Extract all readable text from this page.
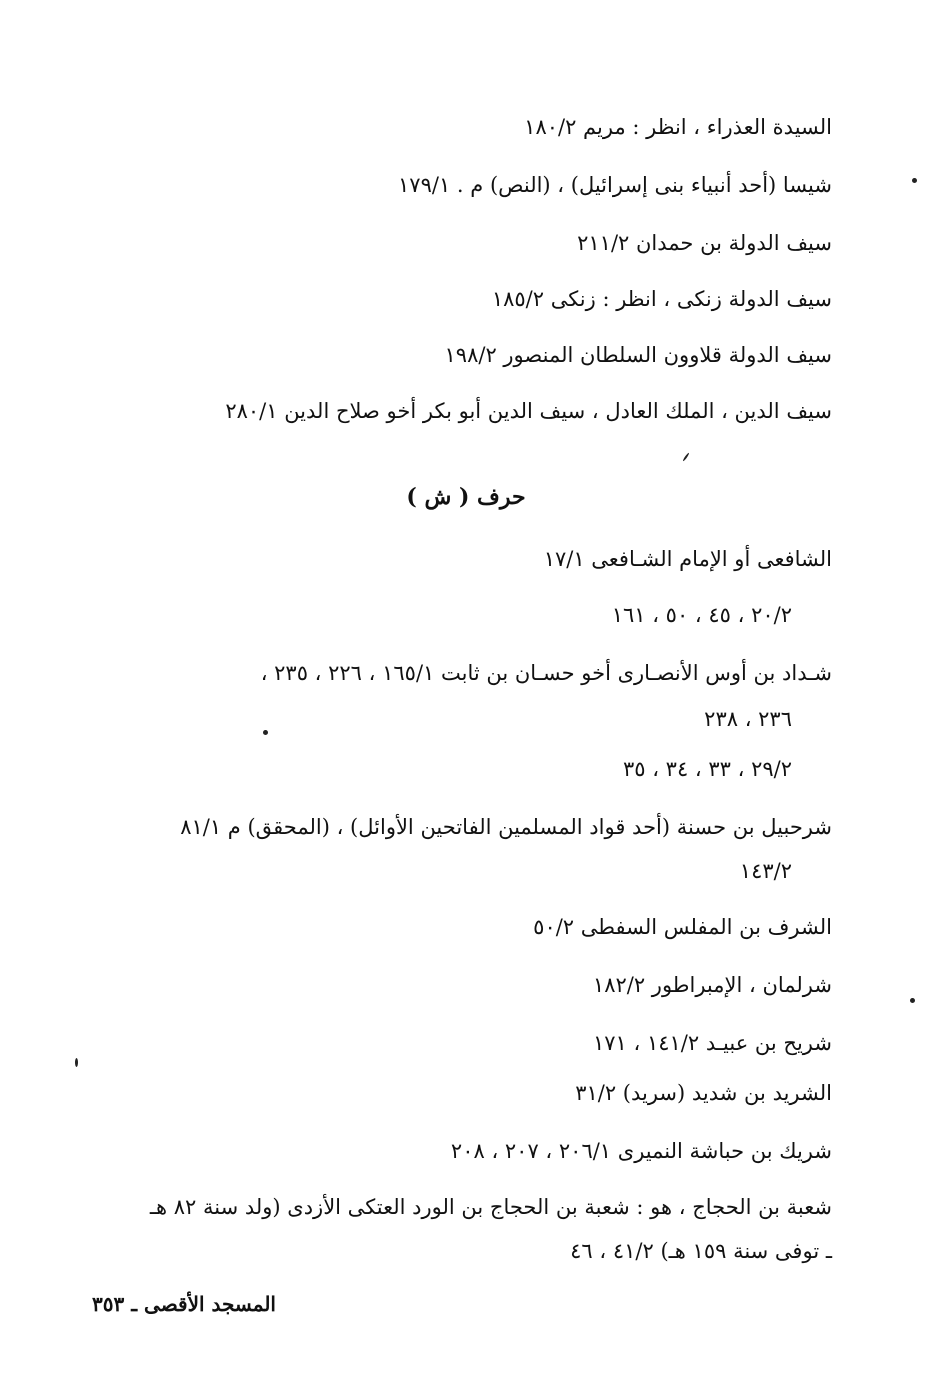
السيدة العذراء ، انظر : مريم ١٨٠/٢
شيسا (أحد أنبياء بنى إسرائيل) ، (النص) م . ١٧٩/١
سيف الدولة بن حمدان ٢١١/٢
سيف الدولة زنكى ، انظر : زنكى ١٨٥/٢
سيف الدولة قلاوون السلطان المنصور ١٩٨/٢
سيف الدين ، الملك العادل ، سيف الدين أبو بكر أخو صلاح الدين ٢٨٠/١
حرف ( ش )
الشافعى أو الإمام الشـافعى ١٧/١
٢٠/٢ ، ٤٥ ، ٥٠ ، ١٦١
شـداد بن أوس الأنصـارى أخو حسـان بن ثابت ١٦٥/١ ، ٢٢٦ ، ٢٣٥ ،
٢٣٦ ، ٢٣٨
٢٩/٢ ، ٣٣ ، ٣٤ ، ٣٥
شرحبيل بن حسنة (أحد قواد المسلمين الفاتحين الأوائل) ، (المحقق) م ٨١/١
١٤٣/٢
الشرف بن المفلس السفطى ٥٠/٢
شرلمان ، الإمبراطور ١٨٢/٢
شريح بن عبيـد ١٤١/٢ ، ١٧١
الشريد بن شديد (سريد) ٣١/٢
شريك بن حباشة النميرى ٢٠٦/١ ، ٢٠٧ ، ٢٠٨
شعبة بن الحجاج ، هو : شعبة بن الحجاج بن الورد العتكى الأزدى (ولد سنة ٨٢ هـ
ـ توفى سنة ١٥٩ هـ) ٤١/٢ ، ٤٦
المسجد الأقصى ـ ٣٥٣
